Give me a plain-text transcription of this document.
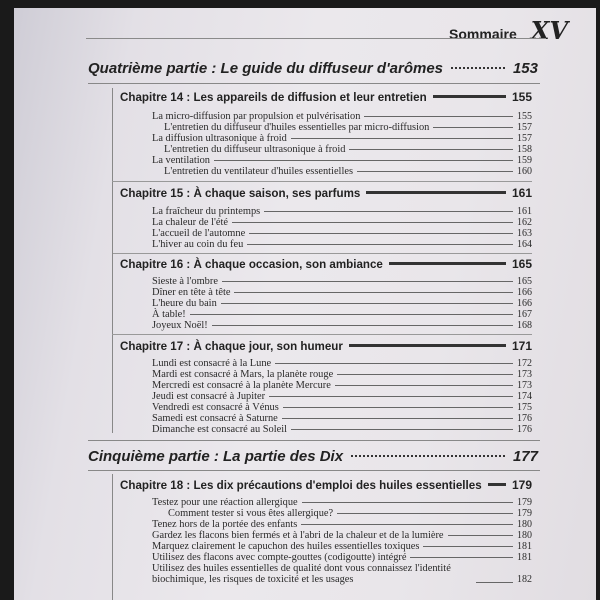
Sommaire XV
Quatrième partie : Le guide du diffuseur d'arômes	153
Chapitre 14 : Les appareils de diffusion et leur entretien	155
La micro-diffusion par propulsion et pulvérisation	155
L'entretien du diffuseur d'huiles essentielles par micro-diffusion	157
La diffusion ultrasonique à froid	157
L'entretien du diffuseur ultrasonique à froid	158
La ventilation	159
L'entretien du ventilateur d'huiles essentielles	160
Chapitre 15 : À chaque saison, ses parfums	161
La fraîcheur du printemps	161
La chaleur de l'été	162
L'accueil de l'automne	163
L'hiver au coin du feu	164
Chapitre 16 : À chaque occasion, son ambiance	165
Sieste à l'ombre	165
Dîner en tête à tête	166
L'heure du bain	166
À table!	167
Joyeux Noël!	168
Chapitre 17 : À chaque jour, son humeur	171
Lundi est consacré à la Lune	172
Mardi est consacré à Mars, la planète rouge	173
Mercredi est consacré à la planète Mercure	173
Jeudi est consacré à Jupiter	174
Vendredi est consacré à Vénus	175
Samedi est consacré à Saturne	176
Dimanche est consacré au Soleil	176
Cinquième partie : La partie des Dix	177
Chapitre 18 : Les dix précautions d'emploi des huiles essentielles	179
Testez pour une réaction allergique	179
Comment tester si vous êtes allergique?	179
Tenez hors de la portée des enfants	180
Gardez les flacons bien fermés et à l'abri de la chaleur et de la lumière	180
Marquez clairement le capuchon des huiles essentielles toxiques	181
Utilisez des flacons avec compte-gouttes (codigoutte) intégré	181
Utilisez des huiles essentielles de qualité dont vous connaissez l'identité biochimique, les risques de toxicité et les usages	182
